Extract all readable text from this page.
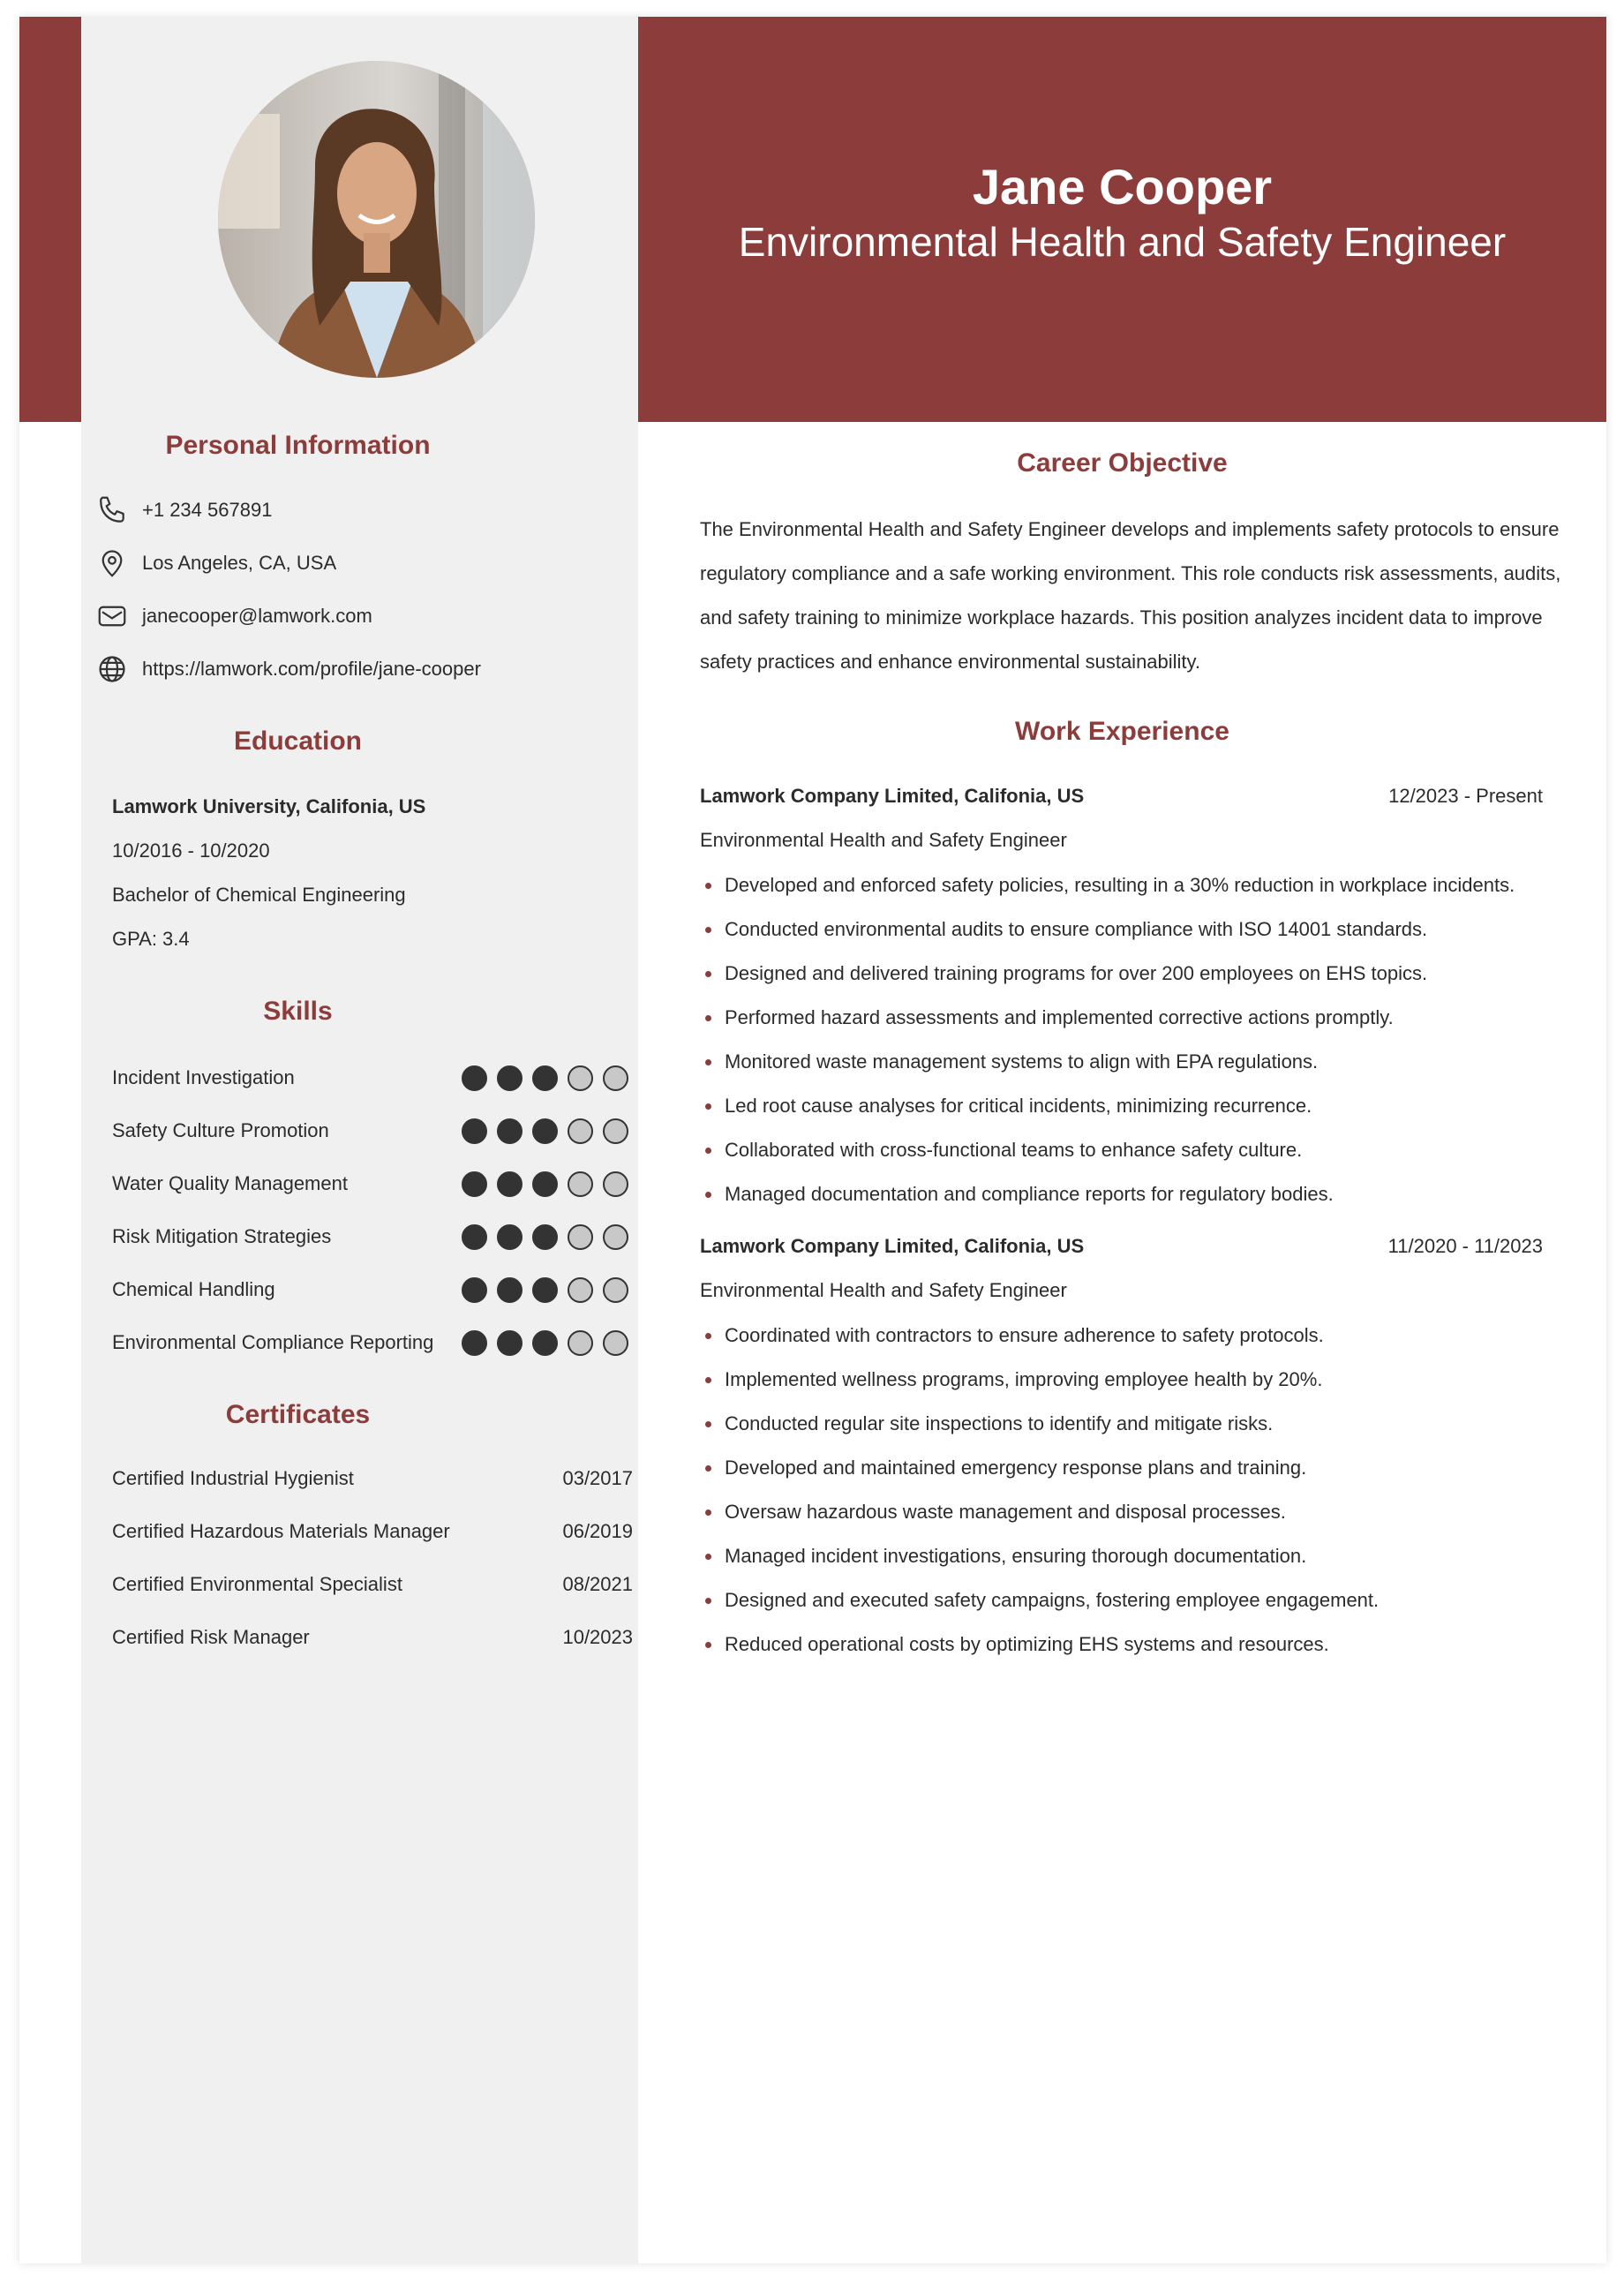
Jane Cooper
Environmental Health and Safety Engineer
Personal Information
+1 234 567891
Los Angeles, CA, USA
janecooper@lamwork.com
https://lamwork.com/profile/jane-cooper
Education
Lamwork University, Califonia, US
10/2016 - 10/2020
Bachelor of Chemical Engineering
GPA: 3.4
Skills
Incident Investigation
Safety Culture Promotion
Water Quality Management
Risk Mitigation Strategies
Chemical Handling
Environmental Compliance Reporting
Certificates
Certified Industrial Hygienist	03/2017
Certified Hazardous Materials Manager	06/2019
Certified Environmental Specialist	08/2021
Certified Risk Manager	10/2023
Career Objective

The Environmental Health and Safety Engineer develops and implements safety protocols to ensure regulatory compliance and a safe working environment. This role conducts risk assessments, audits, and safety training to minimize workplace hazards. This position analyzes incident data to improve safety practices and enhance environmental sustainability.

Work Experience
Lamwork Company Limited, Califonia, US	12/2023 - Present
Environmental Health and Safety Engineer
Developed and enforced safety policies, resulting in a 30% reduction in workplace incidents.
Conducted environmental audits to ensure compliance with ISO 14001 standards.
Designed and delivered training programs for over 200 employees on EHS topics.
Performed hazard assessments and implemented corrective actions promptly.
Monitored waste management systems to align with EPA regulations.
Led root cause analyses for critical incidents, minimizing recurrence.
Collaborated with cross-functional teams to enhance safety culture.
Managed documentation and compliance reports for regulatory bodies.
Lamwork Company Limited, Califonia, US	11/2020 - 11/2023
Environmental Health and Safety Engineer
Coordinated with contractors to ensure adherence to safety protocols.
Implemented wellness programs, improving employee health by 20%.
Conducted regular site inspections to identify and mitigate risks.
Developed and maintained emergency response plans and training.
Oversaw hazardous waste management and disposal processes.
Managed incident investigations, ensuring thorough documentation.
Designed and executed safety campaigns, fostering employee engagement.
Reduced operational costs by optimizing EHS systems and resources.
